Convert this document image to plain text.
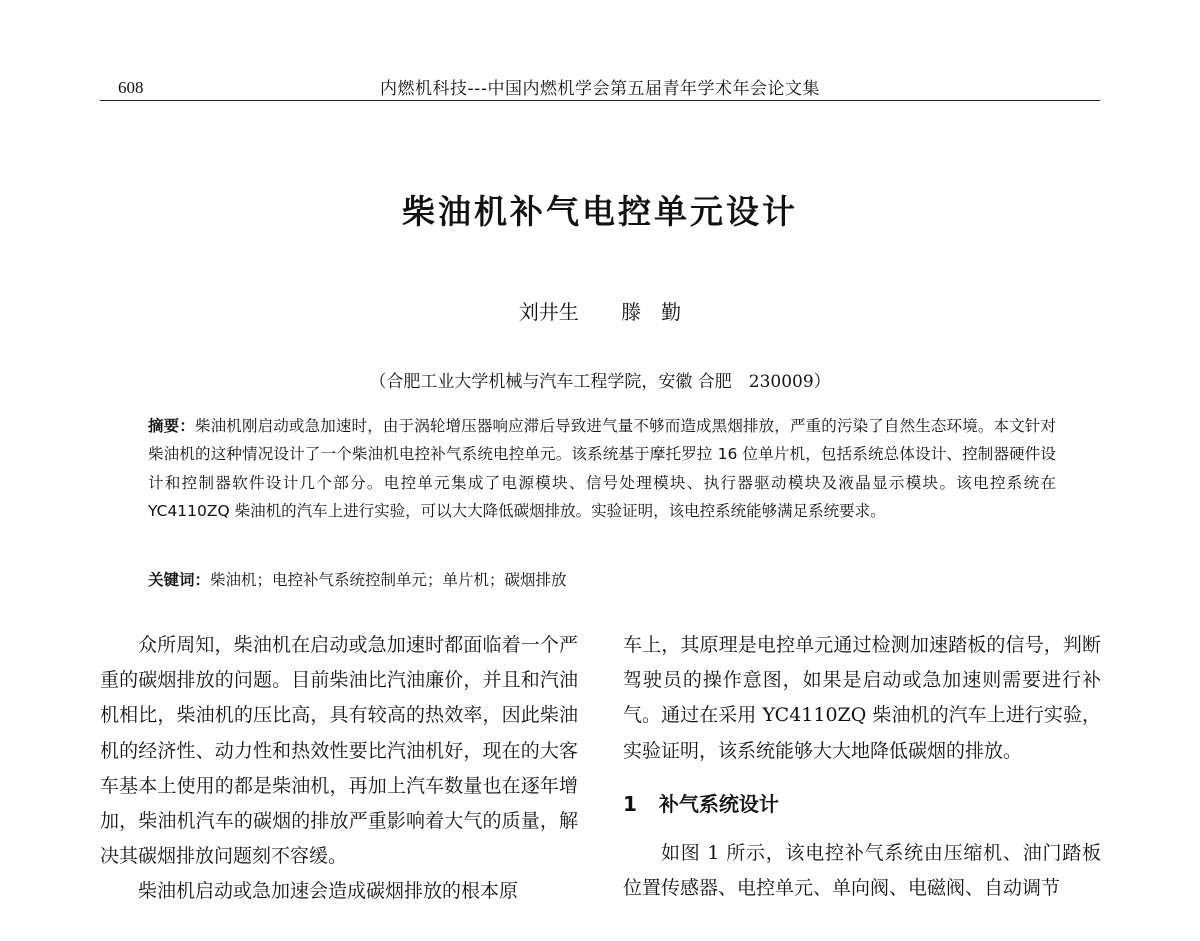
608	内燃机科技---中国内燃机学会第五届青年学术年会论文集
柴油机补气电控单元设计
刘井生 滕　勤
（合肥工业大学机械与汽车工程学院，安徽 合肥　230009）
摘要：柴油机刚启动或急加速时，由于涡轮增压器响应滞后导致进气量不够而造成黑烟排放，严重的污染了自然生态环境。本文针对柴油机的这种情况设计了一个柴油机电控补气系统电控单元。该系统基于摩托罗拉 16 位单片机，包括系统总体设计、控制器硬件设计和控制器软件设计几个部分。电控单元集成了电源模块、信号处理模块、执行器驱动模块及液晶显示模块。该电控系统在 YC4110ZQ 柴油机的汽车上进行实验，可以大大降低碳烟排放。实验证明，该电控系统能够满足系统要求。
关键词：柴油机；电控补气系统控制单元；单片机；碳烟排放

众所周知，柴油机在启动或急加速时都面临着一个严重的碳烟排放的问题。目前柴油比汽油廉价，并且和汽油机相比，柴油机的压比高，具有较高的热效率，因此柴油机的经济性、动力性和热效性要比汽油机好，现在的大客车基本上使用的都是柴油机，再加上汽车数量也在逐年增加，柴油机汽车的碳烟的排放严重影响着大气的质量，解决其碳烟排放问题刻不容缓。

柴油机启动或急加速会造成碳烟排放的根本原

车上，其原理是电控单元通过检测加速踏板的信号，判断驾驶员的操作意图，如果是启动或急加速则需要进行补气。通过在采用 YC4110ZQ 柴油机的汽车上进行实验，实验证明，该系统能够大大地降低碳烟的排放。

1 补气系统设计

如图 1 所示，该电控补气系统由压缩机、油门踏板位置传感器、电控单元、单向阀、电磁阀、自动调节
